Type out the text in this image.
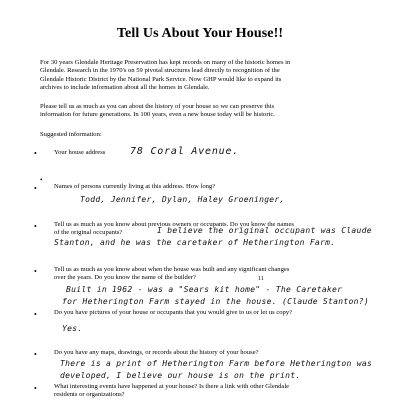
Tell Us About Your House!!
For 30 years Glendale Heritage Preservation has kept records on many of the historic homes in
Glendale. Research in the 1970's on 59 pivotal structures lead directly to recognition of the
Glendale Historic District by the National Park Service. Now GHP would like to expand its
archives to include information about all the homes in Glendale.
Please tell us as much as you can about the history of your house so we can preserve this
information for future generations. In 100 years, even a new house today will be historic.
Suggested information:
•	Your house address	78 Coral Avenue.
•
•	Names of persons currently living at this address. How long?
Todd, Jennifer, Dylan, Haley Groeninger,
•	Tell us as much as you know about previous owners or occupants. Do you know the names
of the original occupants?	I believe the original occupant was Claude
Stanton, and he was the caretaker of Hetherington Farm.
•	Tell us as much as you know about when the house was built and any significant changes
over the years. Do you know the name of the builder?	11
Built in 1962 - was a "Sears kit home" - The Caretaker
for Hetherington Farm stayed in the house. (Claude Stanton?)
•	Do you have pictures of your house or occupants that you would give to us or let us copy?
Yes.
•	Do you have any maps, drawings, or records about the history of your house?
There is a print of Hetherington Farm before Hetherington was
developed, I believe our house is on the print.
•	What interesting events have happened at your house? Is there a link with other Glendale
residents or organizations?
